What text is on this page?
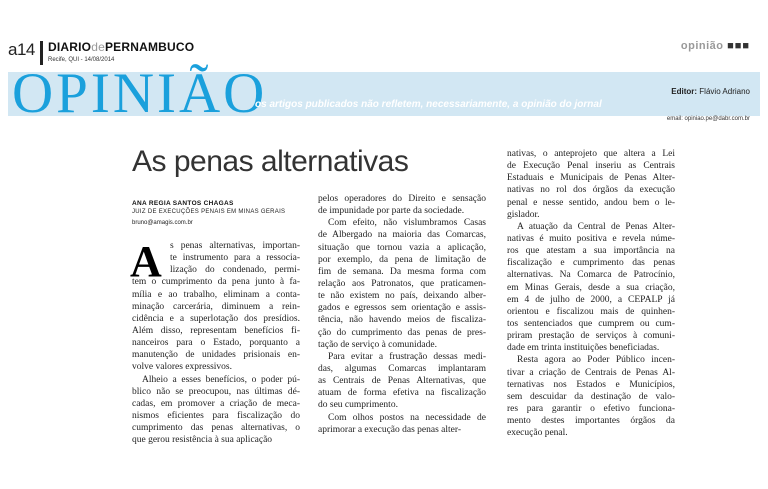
a14 DIARIOdePERNAMBUCO
Recife, QUI - 14/08/2014
opinião ■■■
OPINIÃO
os artigos publicados não refletem, necessariamente, a opinião do jornal
Editor: Flávio Adriano
email: opiniao.pe@dabr.com.br
As penas alternativas
ANA REGIA SANTOS CHAGAS
JUIZ DE EXECUÇÕES PENAIS EM MINAS GERAIS
bruno@amagis.com.br
A s penas alternativas, importan-
te instrumento para a ressocia-
lização do condenado, permi-
tem o cumprimento da pena junto à fa-
mília e ao trabalho, eliminam a conta-
minação carcerária, diminuem a rein-
cidência e a superlotação dos presídios.
Além disso, representam benefícios fi-
nanceiros para o Estado, porquanto a
manutenção de unidades prisionais en-
volve valores expressivos.
Alheio a esses benefícios, o poder pú-
blico não se preocupou, nas últimas dé-
cadas, em promover a criação de meca-
nismos eficientes para fiscalização do
cumprimento das penas alternativas, o
que gerou resistência à sua aplicação
pelos operadores do Direito e sensação
de impunidade por parte da sociedade.
Com efeito, não vislumbramos Casas
de Albergado na maioria das Comarcas,
situação que tornou vazia a aplicação,
por exemplo, da pena de limitação de
fim de semana. Da mesma forma com
relação aos Patronatos, que praticamen-
te não existem no país, deixando alber-
gados e egressos sem orientação e assis-
tência, não havendo meios de fiscaliza-
ção do cumprimento das penas de pres-
tação de serviço à comunidade.
Para evitar a frustração dessas medi-
das, algumas Comarcas implantaram
as Centrais de Penas Alternativas, que
atuam de forma efetiva na fiscalização
do seu cumprimento.
Com olhos postos na necessidade de
aprimorar a execução das penas alter-
nativas, o anteprojeto que altera a Lei
de Execução Penal inseriu as Centrais
Estaduais e Municipais de Penas Alter-
nativas no rol dos órgãos da execução
penal e nesse sentido, andou bem o le-
gislador.
A atuação da Central de Penas Alter-
nativas é muito positiva e revela núme-
ros que atestam a sua importância na
fiscalização e cumprimento das penas
alternativas. Na Comarca de Patrocínio,
em Minas Gerais, desde a sua criação,
em 4 de julho de 2000, a CEPALP já
orientou e fiscalizou mais de quinhen-
tos sentenciados que cumprem ou cum-
priram prestação de serviços à comuni-
dade em trinta instituições beneficiadas.
Resta agora ao Poder Público incen-
tivar a criação de Centrais de Penas Al-
ternativas nos Estados e Municípios,
sem descuidar da destinação de valo-
res para garantir o efetivo funciona-
mento destes importantes órgãos da
execução penal.
